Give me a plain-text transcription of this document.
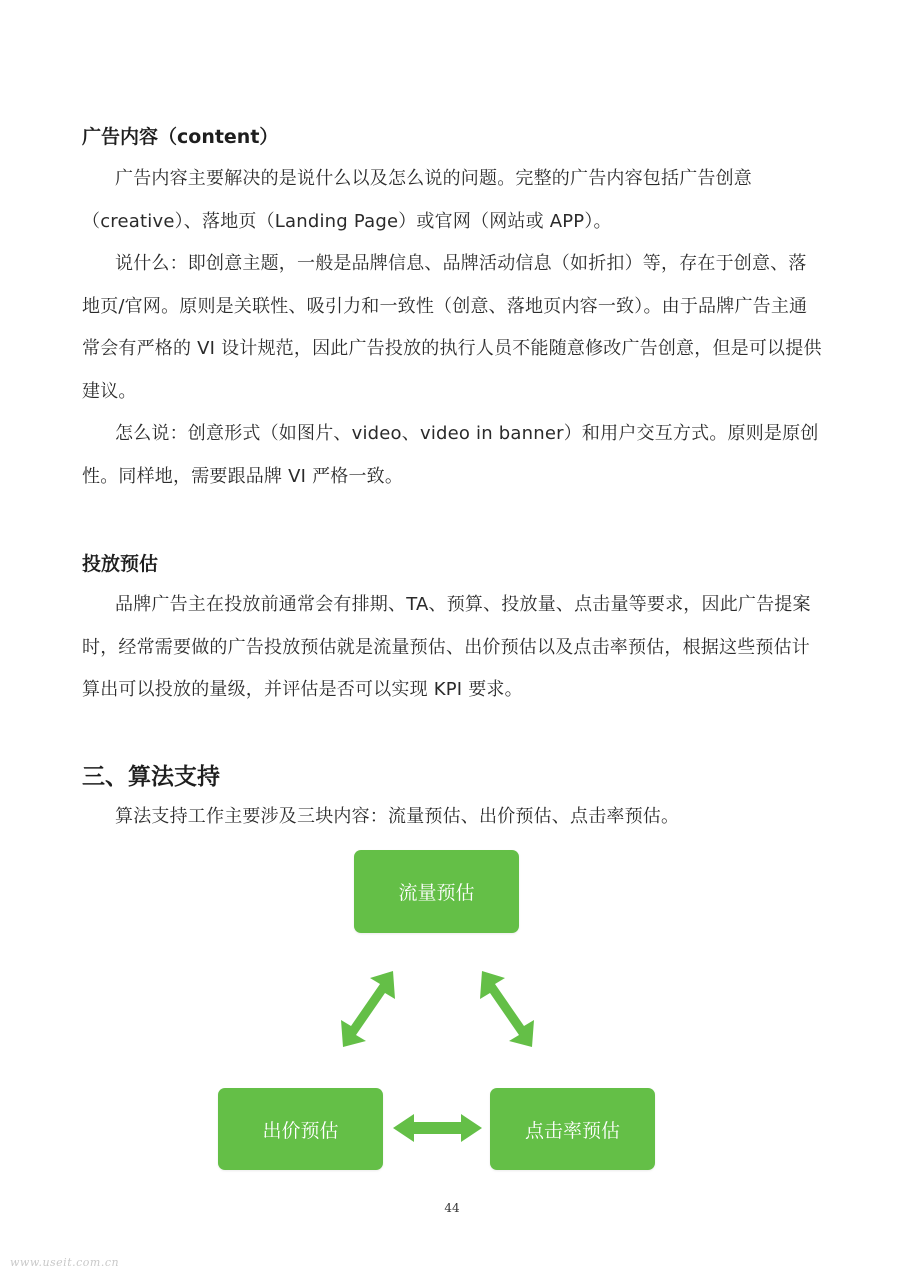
广告内容（content）

广告内容主要解决的是说什么以及怎么说的问题。完整的广告内容包括广告创意（creative）、落地页（Landing Page）或官网（网站或 APP）。

说什么：即创意主题，一般是品牌信息、品牌活动信息（如折扣）等，存在于创意、落地页/官网。原则是关联性、吸引力和一致性（创意、落地页内容一致）。由于品牌广告主通常会有严格的 VI 设计规范，因此广告投放的执行人员不能随意修改广告创意，但是可以提供建议。

怎么说：创意形式（如图片、video、video in banner）和用户交互方式。原则是原创性。同样地，需要跟品牌 VI 严格一致。

投放预估

品牌广告主在投放前通常会有排期、TA、预算、投放量、点击量等要求，因此广告提案时，经常需要做的广告投放预估就是流量预估、出价预估以及点击率预估，根据这些预估计算出可以投放的量级，并评估是否可以实现 KPI 要求。

三、算法支持

算法支持工作主要涉及三块内容：流量预估、出价预估、点击率预估。

流量预估
出价预估	点击率预估
44
www.useit.com.cn
